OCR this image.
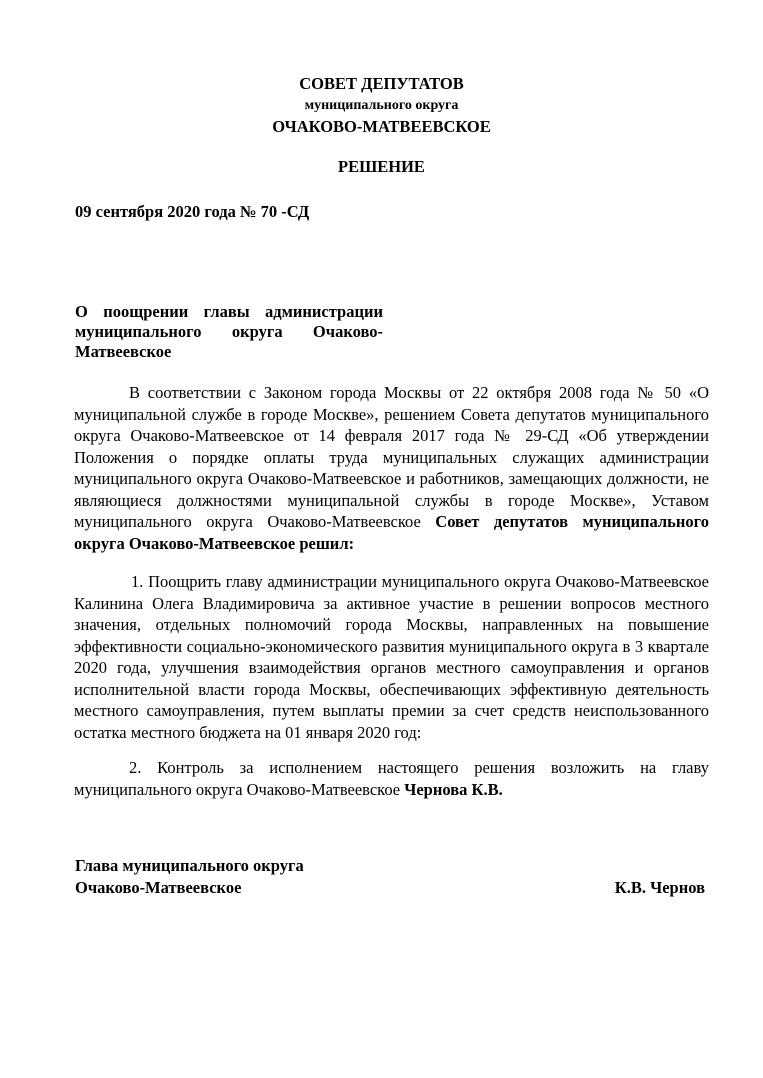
СОВЕТ ДЕПУТАТОВ

муниципального округа

ОЧАКОВО-МАТВЕЕВСКОЕ

РЕШЕНИЕ

09 сентября 2020 года № 70 -СД

О поощрении главы администрации муниципального округа Очаково-Матвеевское

В соответствии с Законом города Москвы от 22 октября 2008 года № 50 «О муниципальной службе в городе Москве», решением Совета депутатов муниципального округа Очаково-Матвеевское от 14 февраля 2017 года № 29-СД «Об утверждении Положения о порядке оплаты труда муниципальных служащих администрации муниципального округа Очаково-Матвеевское и работников, замещающих должности, не являющиеся должностями муниципальной службы в городе Москве», Уставом муниципального округа Очаково-Матвеевское Совет депутатов муниципального округа Очаково-Матвеевское решил:

1. Поощрить главу администрации муниципального округа Очаково-Матвеевское Калинина Олега Владимировича за активное участие в решении вопросов местного значения, отдельных полномочий города Москвы, направленных на повышение эффективности социально-экономического развития муниципального округа в 3 квартале 2020 года, улучшения взаимодействия органов местного самоуправления и органов исполнительной власти города Москвы, обеспечивающих эффективную деятельность местного самоуправления, путем выплаты премии за счет средств неиспользованного остатка местного бюджета на 01 января 2020 год:

2. Контроль за исполнением настоящего решения возложить на главу муниципального округа Очаково-Матвеевское Чернова К.В.

Глава муниципального округа
Очаково-Матвеевское	К.В. Чернов
